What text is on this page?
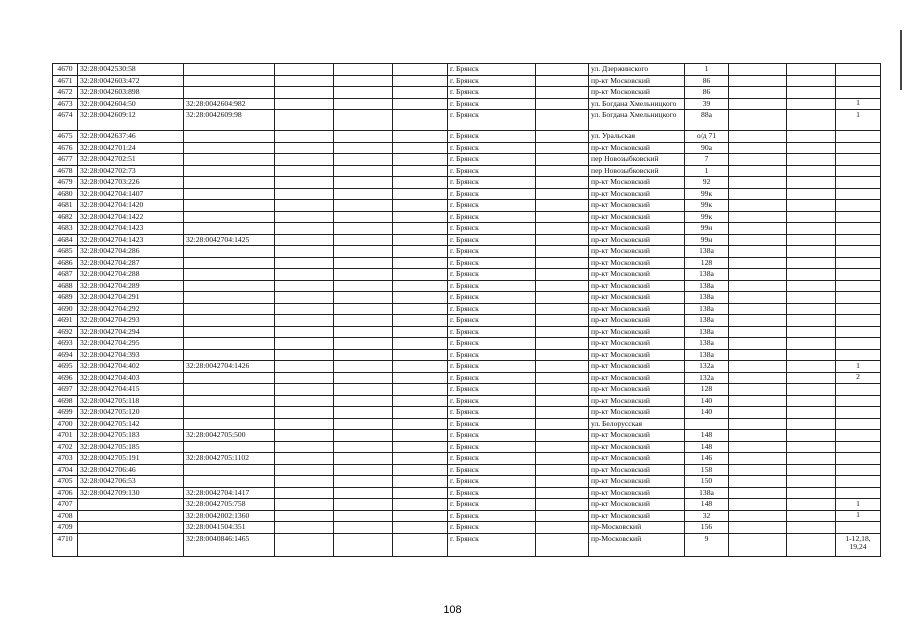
4670	32:28:0042530:58					г. Брянск		ул. Дзержинского	1			
4671	32:28:0042603:472					г. Брянск		пр-кт Московский	86			
4672	32:28:0042603:898					г. Брянск		пр-кт Московский	86			
4673	32:28:0042604:50	32:28:0042604:982				г. Брянск		ул. Богдана Хмельницкого	39			1
4674	32:28:0042609:12	32:28:0042609:98				г. Брянск		ул. Богдана Хмельницкого	88а			1
4675	32:28:0042637:46					г. Брянск		ул. Уральская	о/д 71			
4676	32:28:0042701:24					г. Брянск		пр-кт Московский	90а			
4677	32:28:0042702:51					г. Брянск		пер Новозыбковский	7			
4678	32:28:0042702:73					г. Брянск		пер Новозыбковский	1			
4679	32:28:0042703:226					г. Брянск		пр-кт Московский	92			
4680	32:28:0042704:1407					г. Брянск		пр-кт Московский	99к			
4681	32:28:0042704:1420					г. Брянск		пр-кт Московский	99к			
4682	32:28:0042704:1422					г. Брянск		пр-кт Московский	99к			
4683	32:28:0042704:1423					г. Брянск		пр-кт Московский	99н			
4684	32:28:0042704:1423	32:28:0042704:1425				г. Брянск		пр-кт Московский	99н			
4685	32:28:0042704:286					г. Брянск		пр-кт Московский	138а			
4686	32:28:0042704:287					г. Брянск		пр-кт Московский	128			
4687	32:28:0042704:288					г. Брянск		пр-кт Московский	138а			
4688	32:28:0042704:289					г. Брянск		пр-кт Московский	138а			
4689	32:28:0042704:291					г. Брянск		пр-кт Московский	138а			
4690	32:28:0042704:292					г. Брянск		пр-кт Московский	138а			
4691	32:28:0042704:293					г. Брянск		пр-кт Московский	138а			
4692	32:28:0042704:294					г. Брянск		пр-кт Московский	138а			
4693	32:28:0042704:295					г. Брянск		пр-кт Московский	138а			
4694	32:28:0042704:393					г. Брянск		пр-кт Московский	138а			
4695	32:28:0042704:402	32:28:0042704:1426				г. Брянск		пр-кт Московский	132а			1
4696	32:28:0042704:403					г. Брянск		пр-кт Московский	132а			2
4697	32:28:0042704:415					г. Брянск		пр-кт Московский	128			
4698	32:28:0042705:118					г. Брянск		пр-кт Московский	140			
4699	32:28:0042705:120					г. Брянск		пр-кт Московский	140			
4700	32:28:0042705:142					г. Брянск		ул. Белорусская				
4701	32:28:0042705:183	32:28:0042705:500				г. Брянск		пр-кт Московский	148			
4702	32:28:0042705:185					г. Брянск		пр-кт Московский	148			
4703	32:28:0042705:191	32:28:0042705:1102				г. Брянск		пр-кт Московский	146			
4704	32:28:0042706:46					г. Брянск		пр-кт Московский	158			
4705	32:28:0042706:53					г. Брянск		пр-кт Московский	150			
4706	32:28:0042709:130	32:28:0042704:1417				г. Брянск		пр-кт Московский	138а			
4707		32:28:0042705:758				г. Брянск		пр-кт Московский	148			1
4708		32:28:0042002:1360				г. Брянск		пр-кт Московский	32			1
4709		32:28:0041504:351				г. Брянск		пр-Московский	156			
4710		32:28:0040846:1465				г. Брянск		пр-Московский	9			1-12,18, 19,24
108
